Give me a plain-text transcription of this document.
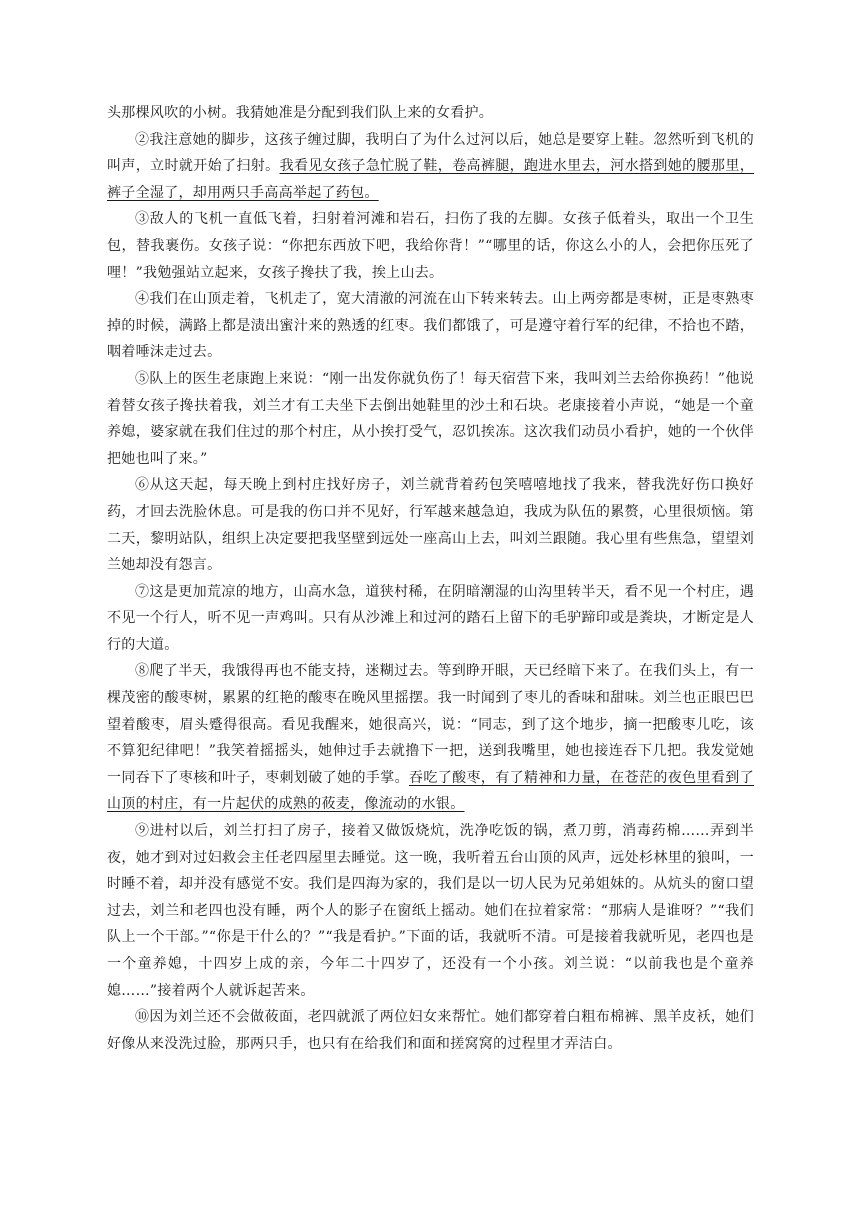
头那棵风吹的小树。我猜她准是分配到我们队上来的女看护。

②我注意她的脚步，这孩子缠过脚，我明白了为什么过河以后，她总是要穿上鞋。忽然听到飞机的叫声，立时就开始了扫射。我看见女孩子急忙脱了鞋，卷高裤腿，跑进水里去，河水搭到她的腰那里，裤子全湿了，却用两只手高高举起了药包。

③敌人的飞机一直低飞着，扫射着河滩和岩石，扫伤了我的左脚。女孩子低着头，取出一个卫生包，替我裹伤。女孩子说：“你把东西放下吧，我给你背！”“哪里的话，你这么小的人，会把你压死了哩！”我勉强站立起来，女孩子搀扶了我，挨上山去。

④我们在山顶走着，飞机走了，宽大清澈的河流在山下转来转去。山上两旁都是枣树，正是枣熟枣掉的时候，满路上都是渍出蜜汁来的熟透的红枣。我们都饿了，可是遵守着行军的纪律，不拾也不踏，咽着唾沫走过去。

⑤队上的医生老康跑上来说：“刚一出发你就负伤了！每天宿营下来，我叫刘兰去给你换药！”他说着替女孩子搀扶着我，刘兰才有工夫坐下去倒出她鞋里的沙土和石块。老康接着小声说，“她是一个童养媳，婆家就在我们住过的那个村庄，从小挨打受气，忍饥挨冻。这次我们动员小看护，她的一个伙伴把她也叫了来。”

⑥从这天起，每天晚上到村庄找好房子，刘兰就背着药包笑嘻嘻地找了我来，替我洗好伤口换好药，才回去洗脸休息。可是我的伤口并不见好，行军越来越急迫，我成为队伍的累赘，心里很烦恼。第二天，黎明站队，组织上决定要把我坚壁到远处一座高山上去，叫刘兰跟随。我心里有些焦急，望望刘兰她却没有怨言。

⑦这是更加荒凉的地方，山高水急，道狭村稀，在阴暗潮湿的山沟里转半天，看不见一个村庄，遇不见一个行人，听不见一声鸡叫。只有从沙滩上和过河的踏石上留下的毛驴蹄印或是粪块，才断定是人行的大道。

⑧爬了半天，我饿得再也不能支持，迷糊过去。等到睁开眼，天已经暗下来了。在我们头上，有一棵茂密的酸枣树，累累的红艳的酸枣在晚风里摇摆。我一时闻到了枣儿的香味和甜味。刘兰也正眼巴巴望着酸枣，眉头蹙得很高。看见我醒来，她很高兴，说：“同志，到了这个地步，摘一把酸枣儿吃，该不算犯纪律吧！”我笑着摇摇头，她伸过手去就撸下一把，送到我嘴里，她也接连吞下几把。我发觉她一同吞下了枣核和叶子，枣刺划破了她的手掌。吞吃了酸枣，有了精神和力量，在苍茫的夜色里看到了山顶的村庄，有一片起伏的成熟的莜麦，像流动的水银。

⑨进村以后，刘兰打扫了房子，接着又做饭烧炕，洗净吃饭的锅，煮刀剪，消毒药棉……弄到半夜，她才到对过妇救会主任老四屋里去睡觉。这一晚，我听着五台山顶的风声，远处杉林里的狼叫，一时睡不着，却并没有感觉不安。我们是四海为家的，我们是以一切人民为兄弟姐妹的。从炕头的窗口望过去，刘兰和老四也没有睡，两个人的影子在窗纸上摇动。她们在拉着家常：“那病人是谁呀？”“我们队上一个干部。”“你是干什么的？”“我是看护。”下面的话，我就听不清。可是接着我就听见，老四也是一个童养媳，十四岁上成的亲，今年二十四岁了，还没有一个小孩。刘兰说：“以前我也是个童养媳……”接着两个人就诉起苦来。

⑩因为刘兰还不会做莜面，老四就派了两位妇女来帮忙。她们都穿着白粗布棉裤、黑羊皮袄，她们好像从来没洗过脸，那两只手，也只有在给我们和面和搓窝窝的过程里才弄洁白。
